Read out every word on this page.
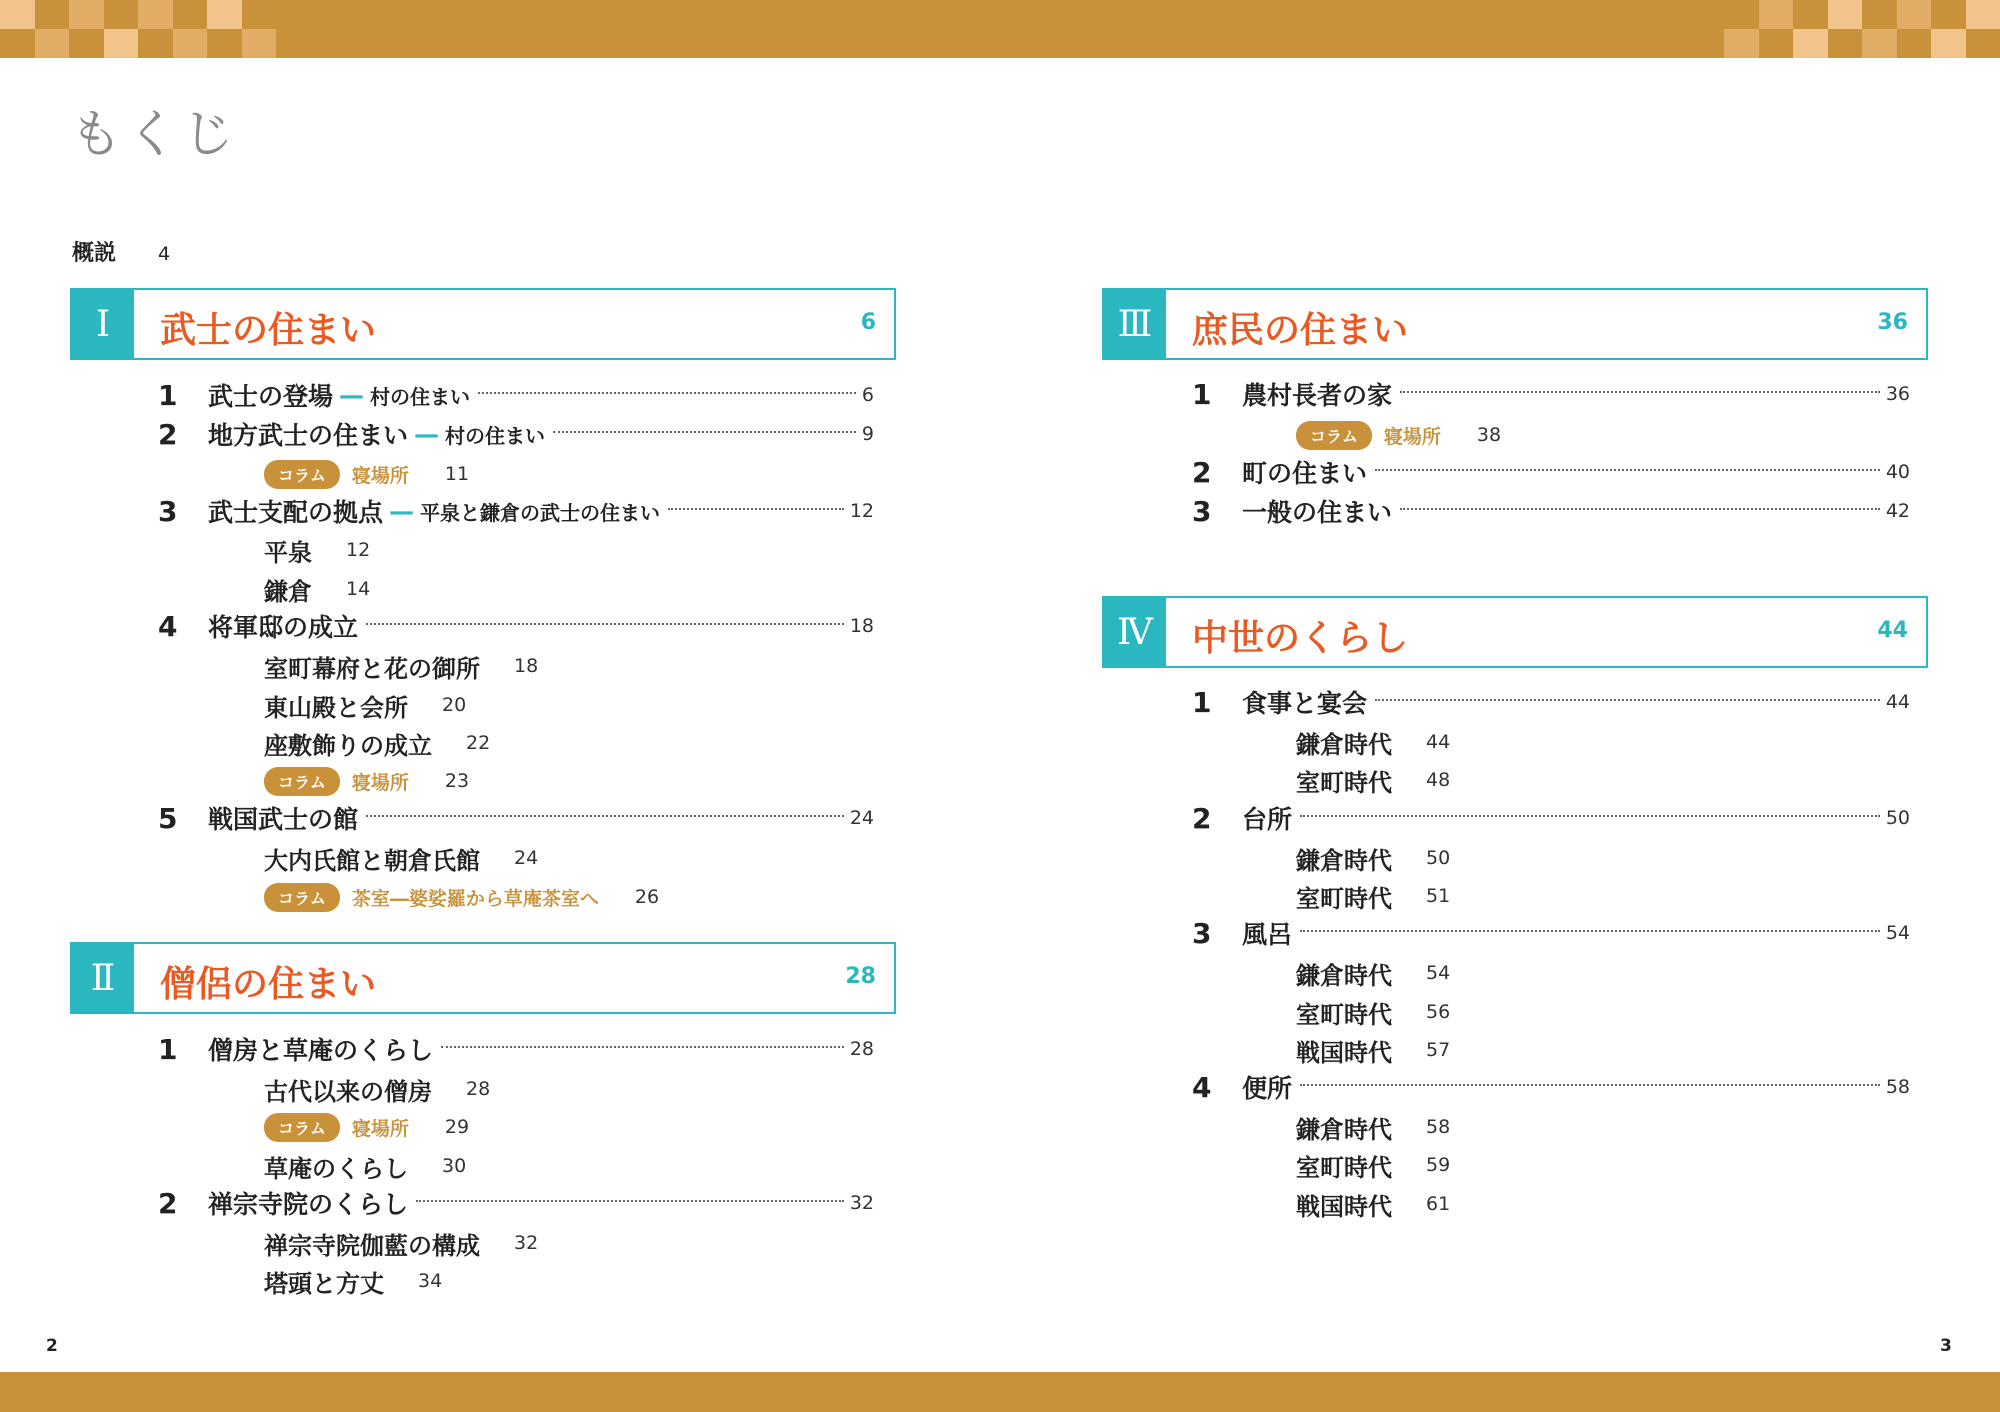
もくじ
概説 4
Ⅰ	武士の住まい	6
1	武士の登場 — 村の住まい	6
2	地方武士の住まい — 村の住まい	9
コラム	寝場所 11
3	武士支配の拠点 — 平泉と鎌倉の武士の住まい	12
平泉 12
鎌倉 14
4	将軍邸の成立	18
室町幕府と花の御所 18
東山殿と会所 20
座敷飾りの成立 22
コラム	寝場所 23
5	戦国武士の館	24
大内氏館と朝倉氏館 24
コラム	茶室―婆娑羅から草庵茶室へ 26
Ⅱ	僧侶の住まい	28
1	僧房と草庵のくらし	28
古代以来の僧房 28
コラム	寝場所 29
草庵のくらし 30
2	禅宗寺院のくらし	32
禅宗寺院伽藍の構成 32
塔頭と方丈 34
Ⅲ	庶民の住まい	36
1	農村長者の家	36
コラム	寝場所 38
2	町の住まい	40
3	一般の住まい	42
Ⅳ	中世のくらし	44
1	食事と宴会	44
鎌倉時代 44
室町時代 48
2	台所	50
鎌倉時代 50
室町時代 51
3	風呂	54
鎌倉時代 54
室町時代 56
戦国時代 57
4	便所	58
鎌倉時代 58
室町時代 59
戦国時代 61
2	3
